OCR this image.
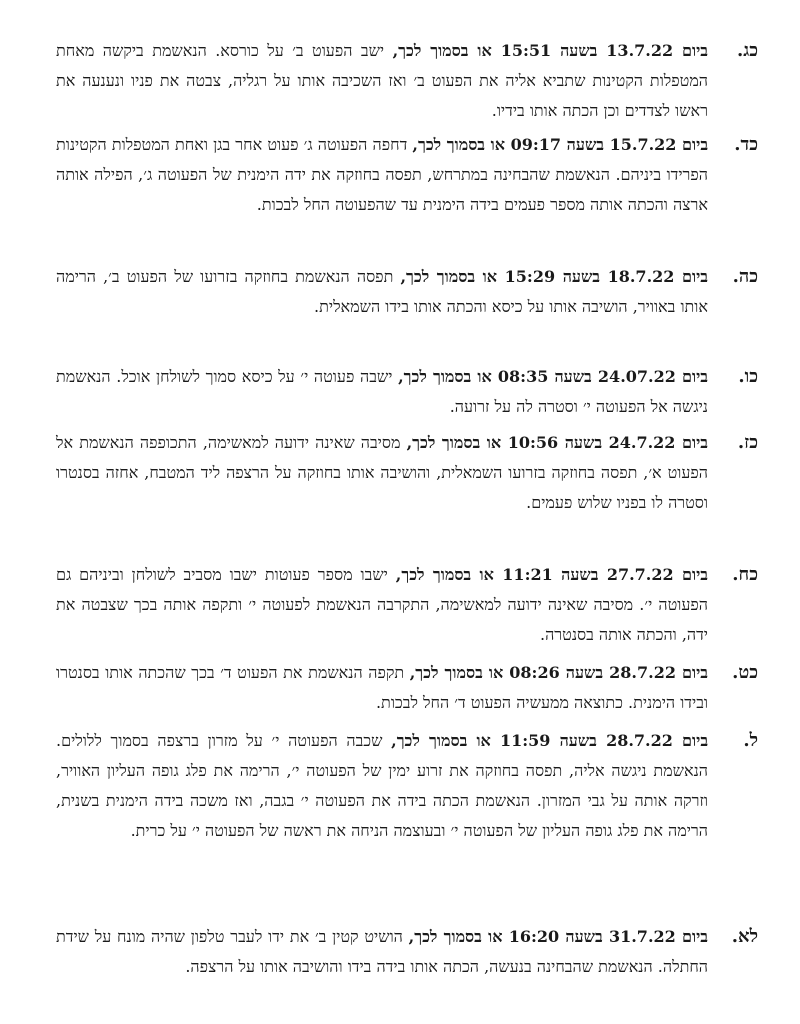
כג.
ביום 13.7.22 בשעה 15:51 או בסמוך לכך, ישב הפעוט ב׳ על כורסא. הנאשמת ביקשה מאחת המטפלות הקטינות שתביא אליה את הפעוט ב׳ ואז השכיבה אותו על רגליה, צבטה את פניו ונענעה את ראשו לצדדים וכן הכתה אותו בידיו.
כד.
ביום 15.7.22 בשעה 09:17 או בסמוך לכך, דחפה הפעוטה ג׳ פעוט אחר בגן ואחת המטפלות הקטינות הפרידו ביניהם. הנאשמת שהבחינה במתרחש, תפסה בחוזקה את ידה הימנית של הפעוטה ג׳, הפילה אותה ארצה והכתה אותה מספר פעמים בידה הימנית עד שהפעוטה החל לבכות.
כה.
ביום 18.7.22 בשעה 15:29 או בסמוך לכך, תפסה הנאשמת בחוזקה בזרועו של הפעוט ב׳, הרימה אותו באוויר, הושיבה אותו על כיסא והכתה אותו בידו השמאלית.
כו.
ביום 24.07.22 בשעה 08:35 או בסמוך לכך, ישבה פעוטה י׳ על כיסא סמוך לשולחן אוכל. הנאשמת ניגשה אל הפעוטה י׳ וסטרה לה על זרועה.
כז.
ביום 24.7.22 בשעה 10:56 או בסמוך לכך, מסיבה שאינה ידועה למאשימה, התכופפה הנאשמת אל הפעוט א׳, תפסה בחוזקה בזרועו השמאלית, והושיבה אותו בחוזקה על הרצפה ליד המטבח, אחזה בסנטרו וסטרה לו בפניו שלוש פעמים.
כח.
ביום 27.7.22 בשעה 11:21 או בסמוך לכך, ישבו מספר פעוטות ישבו מסביב לשולחן וביניהם גם הפעוטה י׳. מסיבה שאינה ידועה למאשימה, התקרבה הנאשמת לפעוטה י׳ ותקפה אותה בכך שצבטה את ידה, והכתה אותה בסנטרה.
כט.
ביום 28.7.22 בשעה 08:26 או בסמוך לכך, תקפה הנאשמת את הפעוט ד׳ בכך שהכתה אותו בסנטרו ובידו הימנית. כתוצאה ממעשיה הפעוט ד׳ החל לבכות.
ל.
ביום 28.7.22 בשעה 11:59 או בסמוך לכך, שכבה הפעוטה י׳ על מזרון ברצפה בסמוך ללולים. הנאשמת ניגשה אליה, תפסה בחוזקה את זרוע ימין של הפעוטה י׳, הרימה את פלג גופה העליון האוויר, וזרקה אותה על גבי המזרון. הנאשמת הכתה בידה את הפעוטה י׳ בגבה, ואז משכה בידה הימנית בשנית, הרימה את פלג גופה העליון של הפעוטה י׳ ובעוצמה הניחה את ראשה של הפעוטה י׳ על כרית.
לא.
ביום 31.7.22 בשעה 16:20 או בסמוך לכך, הושיט קטין ב׳ את ידו לעבר טלפון שהיה מונח על שידת החתלה. הנאשמת שהבחינה בנעשה, הכתה אותו בידה בידו והושיבה אותו על הרצפה.
